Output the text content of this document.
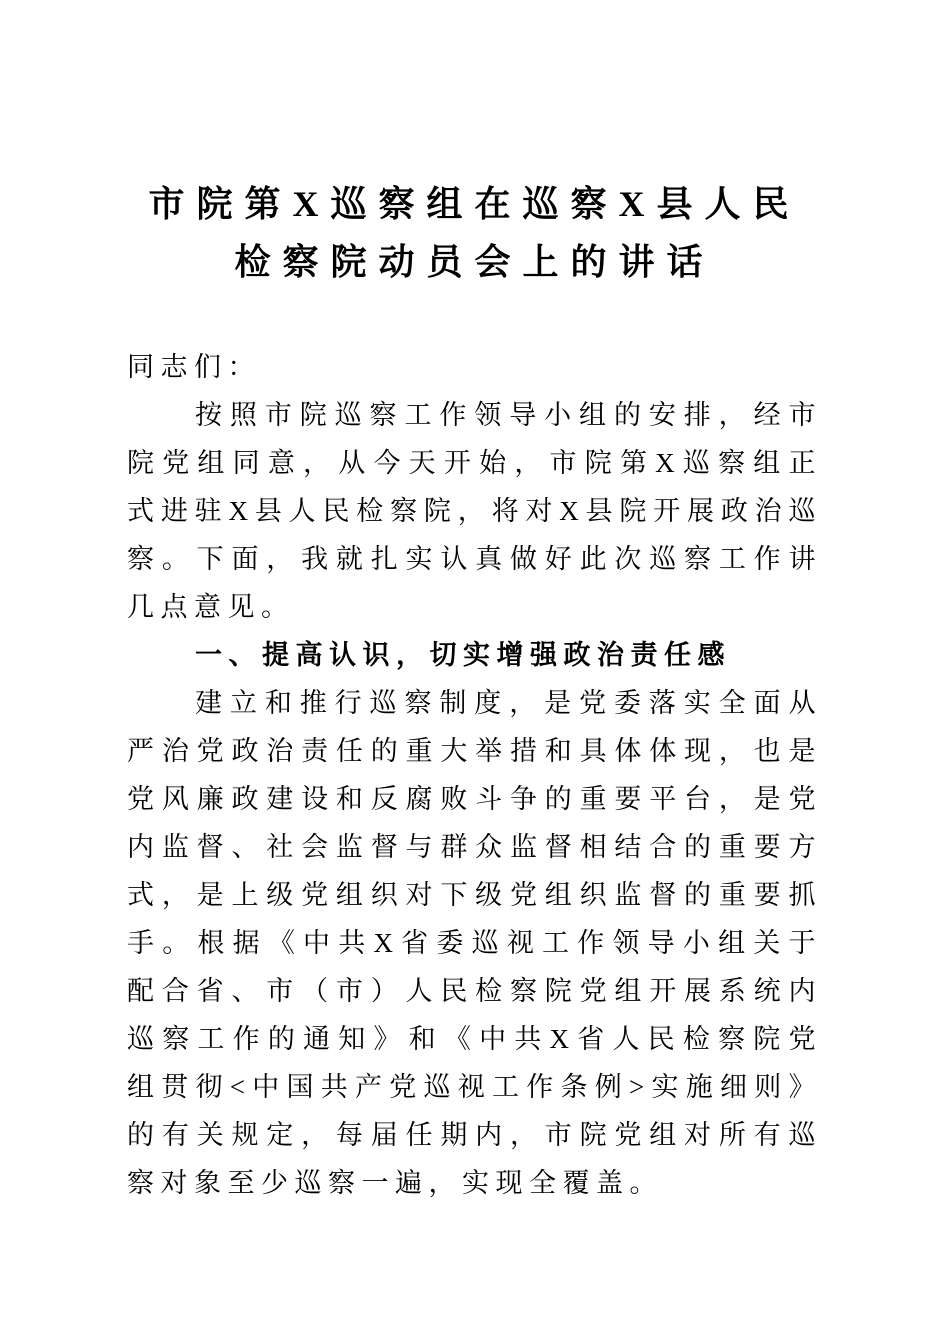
市院第X巡察组在巡察X县人民
检察院动员会上的讲话

同志们：

按照市院巡察工作领导小组的安排，经市院党组同意，从今天开始，市院第X巡察组正式进驻X县人民检察院，将对X县院开展政治巡察。下面，我就扎实认真做好此次巡察工作讲几点意见。

一、提高认识，切实增强政治责任感

建立和推行巡察制度，是党委落实全面从严治党政治责任的重大举措和具体体现，也是党风廉政建设和反腐败斗争的重要平台，是党内监督、社会监督与群众监督相结合的重要方式，是上级党组织对下级党组织监督的重要抓手。根据《中共X省委巡视工作领导小组关于配合省、市（市）人民检察院党组开展系统内巡察工作的通知》和《中共X省人民检察院党组贯彻<中国共产党巡视工作条例>实施细则》的有关规定，每届任期内，市院党组对所有巡察对象至少巡察一遍，实现全覆盖。
